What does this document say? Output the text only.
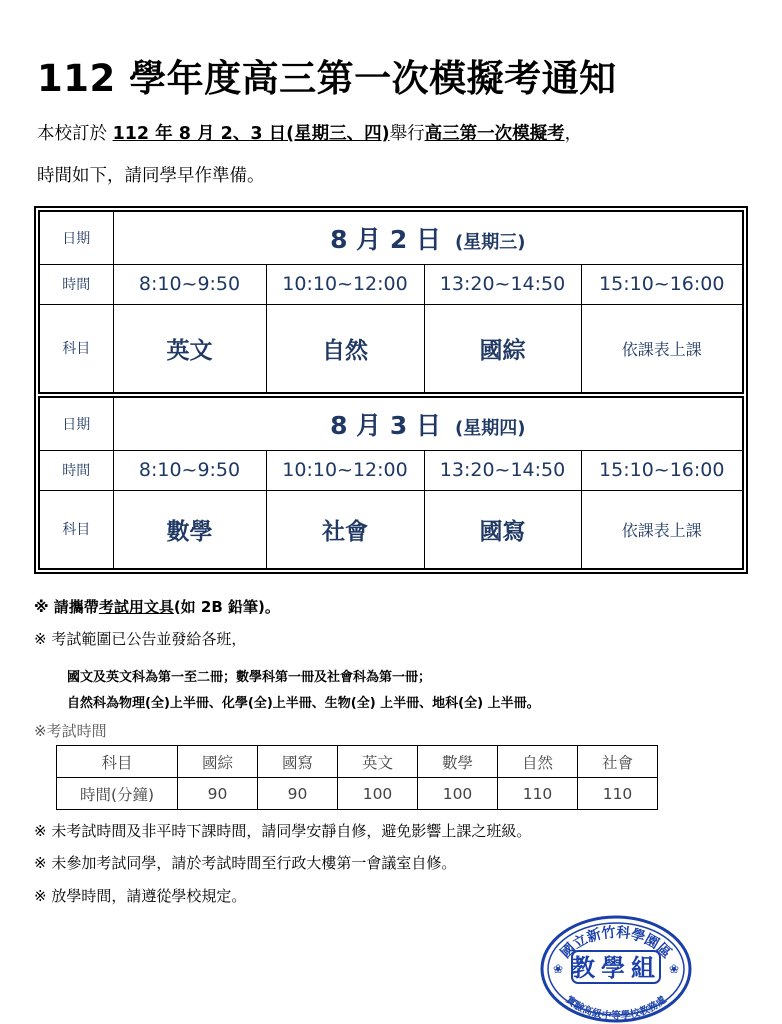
112 學年度高三第一次模擬考通知
本校訂於 112 年 8 月 2、3 日(星期三、四)舉行高三第一次模擬考，
時間如下，請同學早作準備。
日期	8 月 2 日 (星期三)			
時間	8:10~9:50	10:10~12:00	13:20~14:50	15:10~16:00
科目	英文	自然	國綜	依課表上課
日期	8 月 3 日 (星期四)			
時間	8:10~9:50	10:10~12:00	13:20~14:50	15:10~16:00
科目	數學	社會	國寫	依課表上課
※ 請攜帶考試用文具(如 2B 鉛筆)。
※ 考試範圍已公告並發給各班，
國文及英文科為第一至二冊；數學科第一冊及社會科為第一冊；
自然科為物理(全)上半冊、化學(全)上半冊、生物(全) 上半冊、地科(全) 上半冊。
※考試時間
科目	國綜	國寫	英文	數學	自然	社會
時間(分鐘)	90	90	100	100	110	110
※ 未考試時間及非平時下課時間，請同學安靜自修，避免影響上課之班級。
※ 未參加考試同學，請於考試時間至行政大樓第一會議室自修。
※ 放學時間，請遵從學校規定。
國立新竹科學園區
教學組
❀	❀
實驗高級中等學校教務處
